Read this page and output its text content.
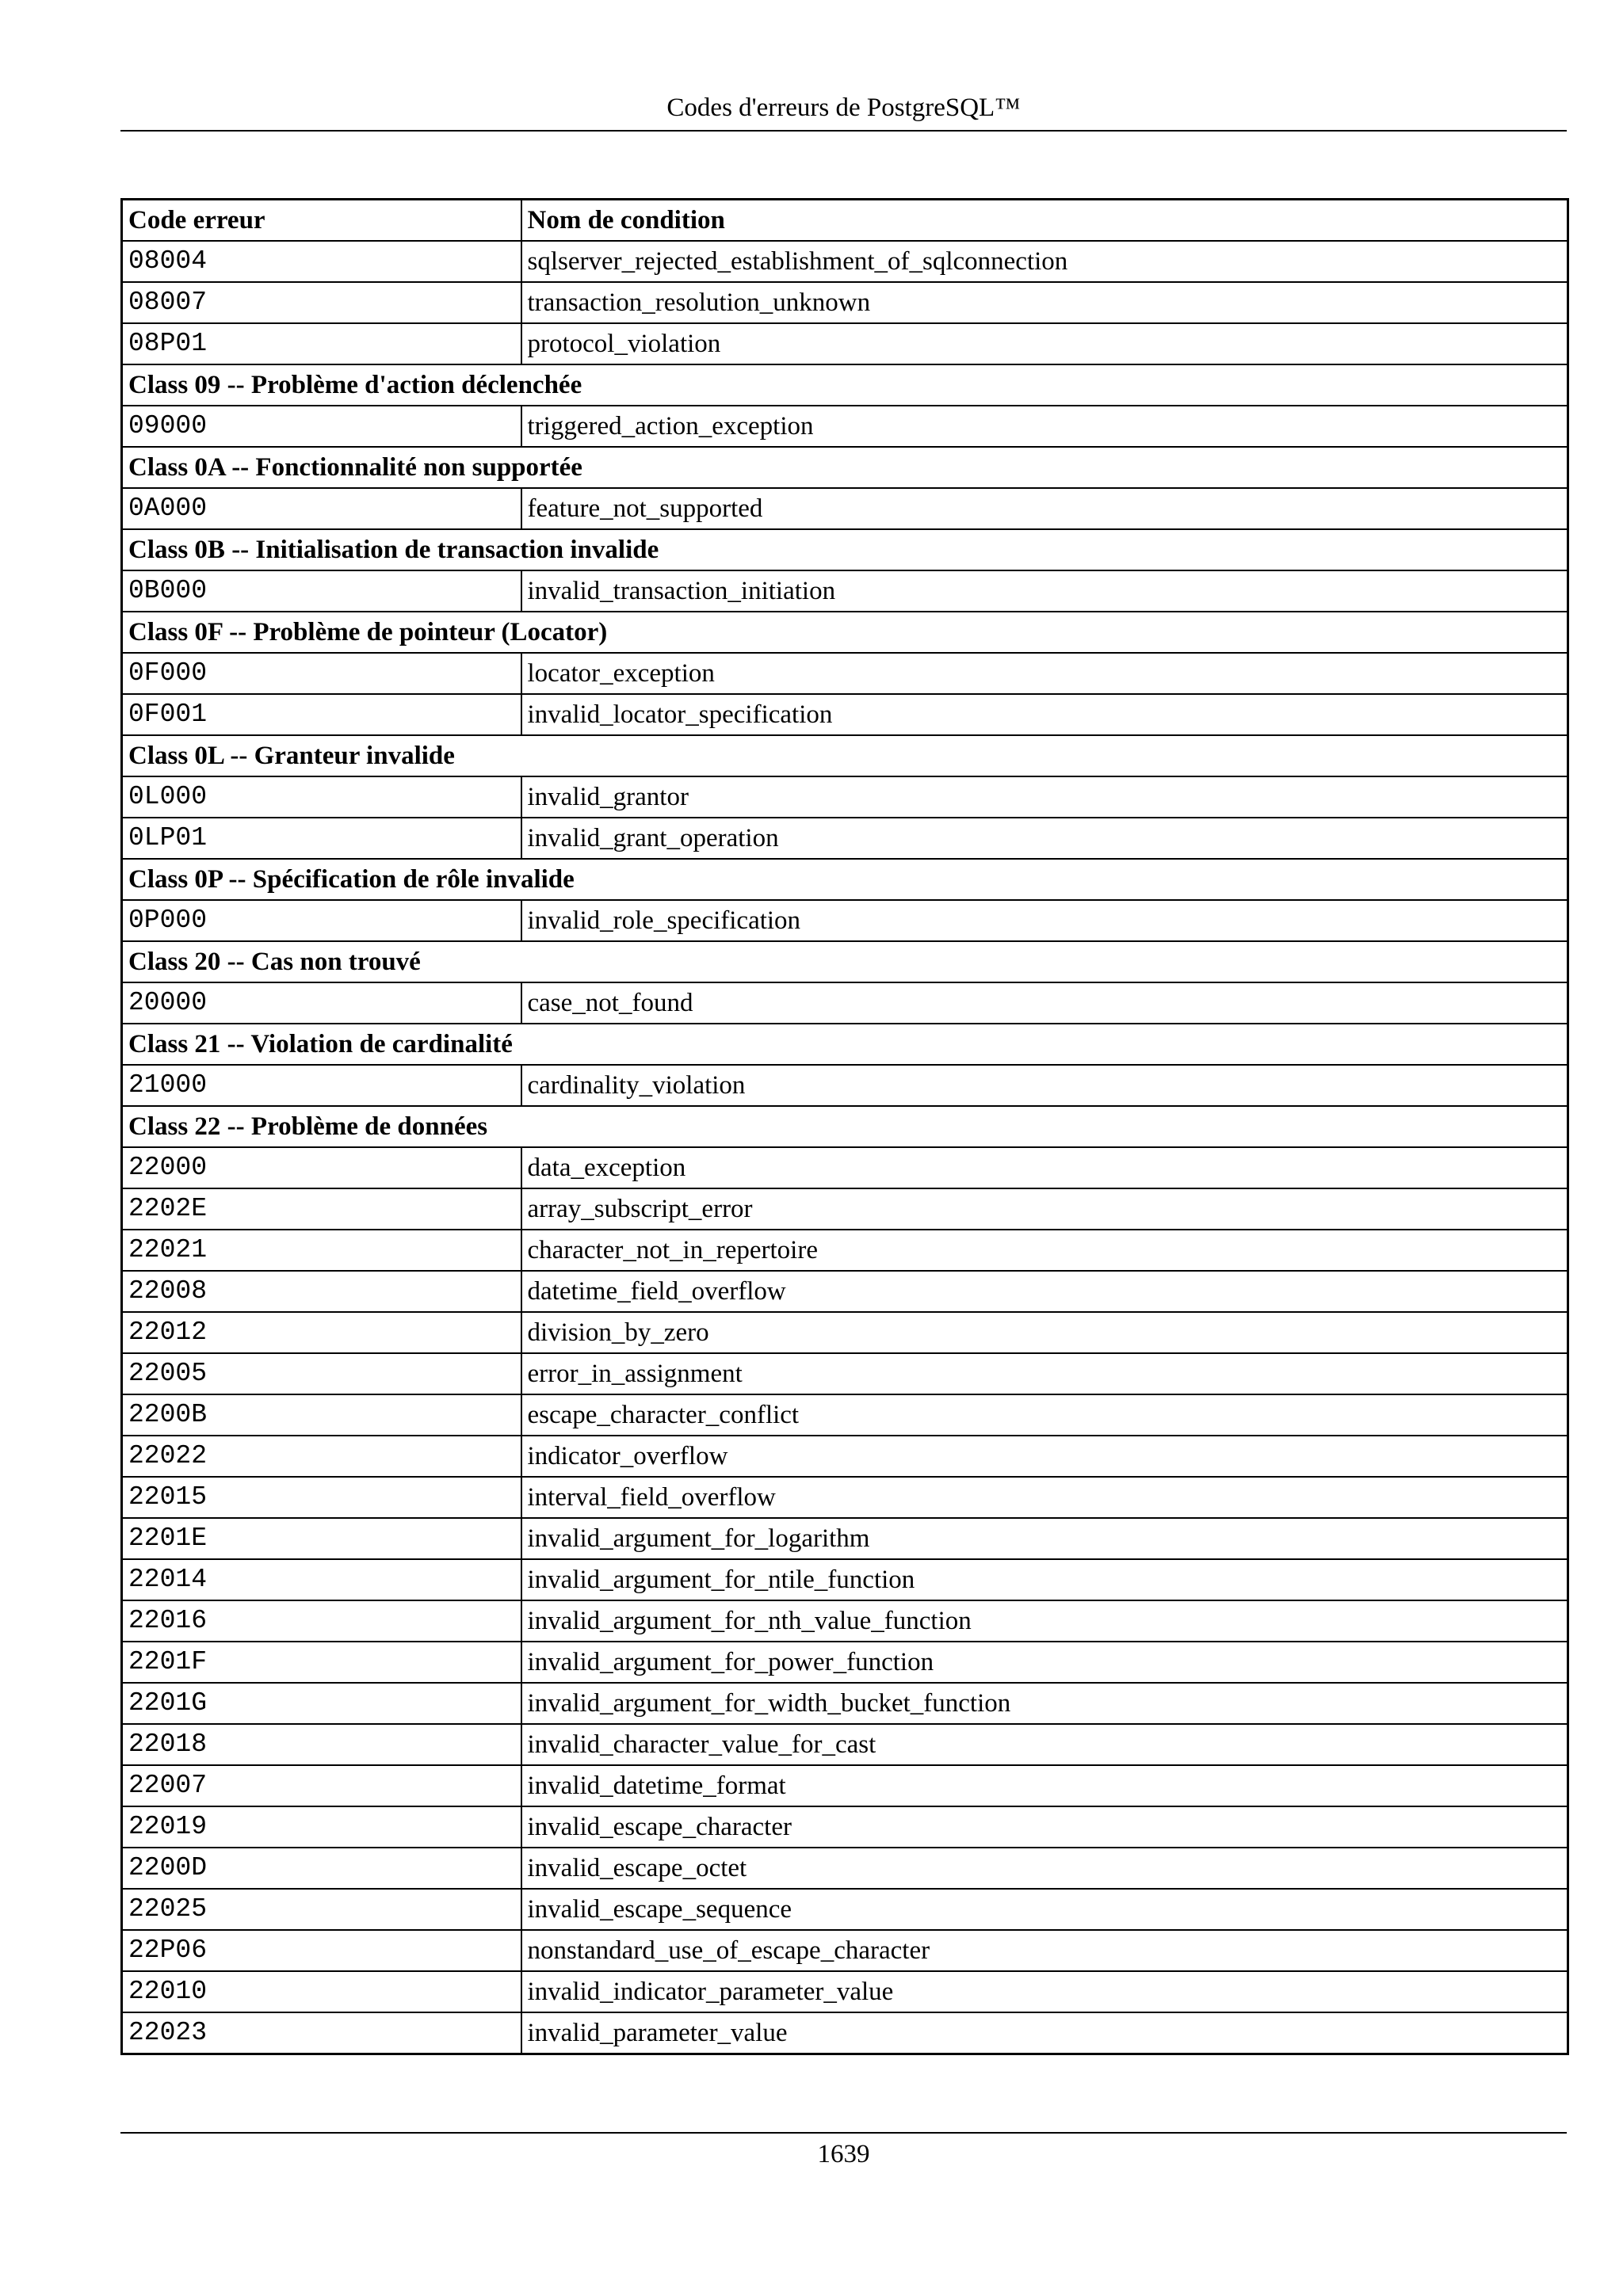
Codes d'erreurs de PostgreSQL™
Code erreur	Nom de condition
08004	sqlserver_rejected_establishment_of_sqlconnection
08007	transaction_resolution_unknown
08P01	protocol_violation
Class 09 -- Problème d'action déclenchée	
09000	triggered_action_exception
Class 0A -- Fonctionnalité non supportée	
0A000	feature_not_supported
Class 0B -- Initialisation de transaction invalide	
0B000	invalid_transaction_initiation
Class 0F -- Problème de pointeur (Locator)	
0F000	locator_exception
0F001	invalid_locator_specification
Class 0L -- Granteur invalide	
0L000	invalid_grantor
0LP01	invalid_grant_operation
Class 0P -- Spécification de rôle invalide	
0P000	invalid_role_specification
Class 20 -- Cas non trouvé	
20000	case_not_found
Class 21 -- Violation de cardinalité	
21000	cardinality_violation
Class 22 -- Problème de données	
22000	data_exception
2202E	array_subscript_error
22021	character_not_in_repertoire
22008	datetime_field_overflow
22012	division_by_zero
22005	error_in_assignment
2200B	escape_character_conflict
22022	indicator_overflow
22015	interval_field_overflow
2201E	invalid_argument_for_logarithm
22014	invalid_argument_for_ntile_function
22016	invalid_argument_for_nth_value_function
2201F	invalid_argument_for_power_function
2201G	invalid_argument_for_width_bucket_function
22018	invalid_character_value_for_cast
22007	invalid_datetime_format
22019	invalid_escape_character
2200D	invalid_escape_octet
22025	invalid_escape_sequence
22P06	nonstandard_use_of_escape_character
22010	invalid_indicator_parameter_value
22023	invalid_parameter_value
1639
